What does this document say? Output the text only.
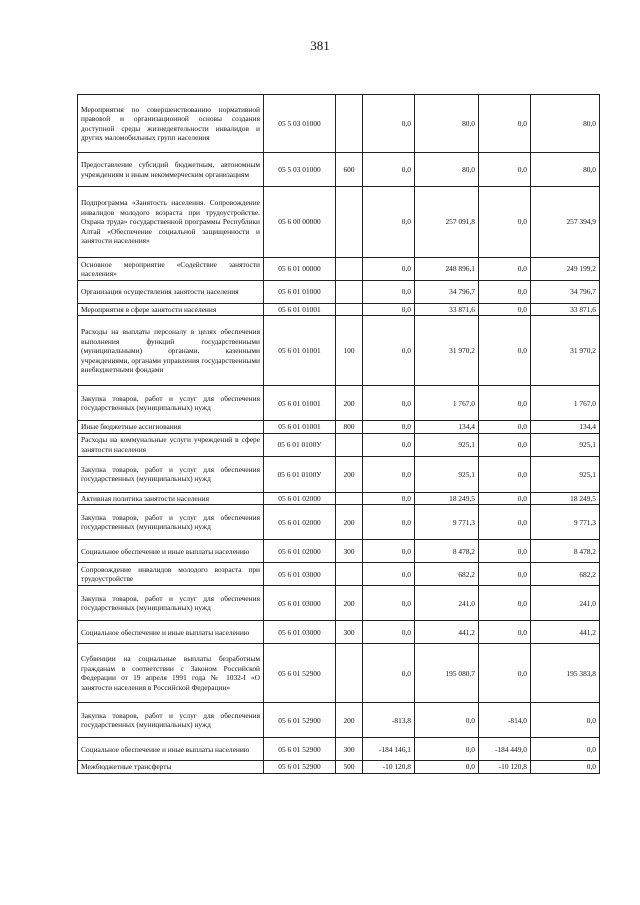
381
Мероприятия по совершенствованию нормативной правовой и организационной основы создания доступной среды жизнедеятельности инвалидов и других маломобильных групп населения	05 5 03 01000		0,0	80,0	0,0	80,0
Предоставление субсидий бюджетным, автономным учреждениям и иным некоммерческим организациям	05 5 03 01000	600	0,0	80,0	0,0	80,0
Подпрограмма «Занятость населения. Сопровождение инвалидов молодого возраста при трудоустройстве. Охрана труда» государственной программы Республики Алтай «Обеспечение социальной защищенности и занятости населения»	05 6 00 00000		0,0	257 091,8	0,0	257 394,9
Основное мероприятие «Содействие занятости населения»	05 6 01 00000		0,0	248 896,1	0,0	249 199,2
Организация осуществления занятости населения	05 6 01 01000		0,0	34 796,7	0,0	34 796,7
Мероприятия в сфере занятости населения	05 6 01 01001		0,0	33 871,6	0,0	33 871,6
Расходы на выплаты персоналу в целях обеспечения выполнения функций государственными (муниципальными) органами, казенными учреждениями, органами управления государственными внебюджетными фондами	05 6 01 01001	100	0,0	31 970,2	0,0	31 970,2
Закупка товаров, работ и услуг для обеспечения государственных (муниципальных) нужд	05 6 01 01001	200	0,0	1 767,0	0,0	1 767,0
Иные бюджетные ассигнования	05 6 01 01001	800	0,0	134,4	0,0	134,4
Расходы на коммунальные услуги учреждений в сфере занятости населения	05 6 01 0100У		0,0	925,1	0,0	925,1
Закупка товаров, работ и услуг для обеспечения государственных (муниципальных) нужд	05 6 01 0100У	200	0,0	925,1	0,0	925,1
Активная политика занятости населения	05 6 01 02000		0,0	18 249,5	0,0	18 249,5
Закупка товаров, работ и услуг для обеспечения государственных (муниципальных) нужд	05 6 01 02000	200	0,0	9 771,3	0,0	9 771,3
Социальное обеспечение и иные выплаты населению	05 6 01 02000	300	0,0	8 478,2	0,0	8 478,2
Сопровождение инвалидов молодого возраста при трудоустройстве	05 6 01 03000		0,0	682,2	0,0	682,2
Закупка товаров, работ и услуг для обеспечения государственных (муниципальных) нужд	05 6 01 03000	200	0,0	241,0	0,0	241,0
Социальное обеспечение и иные выплаты населению	05 6 01 03000	300	0,0	441,2	0,0	441,2
Субвенции на социальные выплаты безработным гражданам в соответствии с Законом Российской Федерации от 19 апреля 1991 года № 1032-I «О занятости населения в Российской Федерации»	05 6 01 52900		0,0	195 080,7	0,0	195 383,8
Закупка товаров, работ и услуг для обеспечения государственных (муниципальных) нужд	05 6 01 52900	200	-813,8	0,0	-814,0	0,0
Социальное обеспечение и иные выплаты населению	05 6 01 52900	300	-184 146,1	0,0	-184 449,0	0,0
Межбюджетные трансферты	05 6 01 52900	500	-10 120,8	0,0	-10 120,8	0,0
